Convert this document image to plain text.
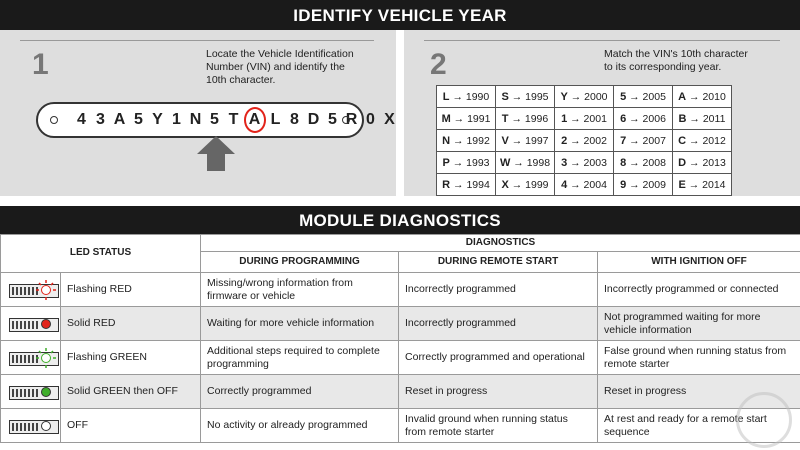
IDENTIFY VEHICLE YEAR
1	Locate the Vehicle Identification
Number (VIN) and identify the
10th character.
4 3 A 5 Y 1 N 5 T A L 8 D 5 R 0 X
2	Match the VIN's 10th character
to its corresponding year.
L → 1990	S → 1995	Y → 2000	5 → 2005	A → 2010
M → 1991	T → 1996	1 → 2001	6 → 2006	B → 2011
N → 1992	V → 1997	2 → 2002	7 → 2007	C → 2012
P → 1993	W → 1998	3 → 2003	8 → 2008	D → 2013
R → 1994	X → 1999	4 → 2004	9 → 2009	E → 2014
MODULE DIAGNOSTICS
LED STATUS		DIAGNOSTICS		
		DURING PROGRAMMING	DURING REMOTE START	WITH IGNITION OFF

	Flashing RED	Missing/wrong information from firmware or vehicle	Incorrectly programmed	Incorrectly programmed or connected

	Solid RED	Waiting for more vehicle information	Incorrectly programmed	Not programmed waiting for more vehicle information

	Flashing GREEN	Additional steps required to complete programming	Correctly programmed and operational	False ground when running status from remote starter

	Solid GREEN then OFF	Correctly programmed	Reset in progress	Reset in progress

	OFF	No activity or already programmed	Invalid ground when running status from remote starter	At rest and ready for a remote start sequence
